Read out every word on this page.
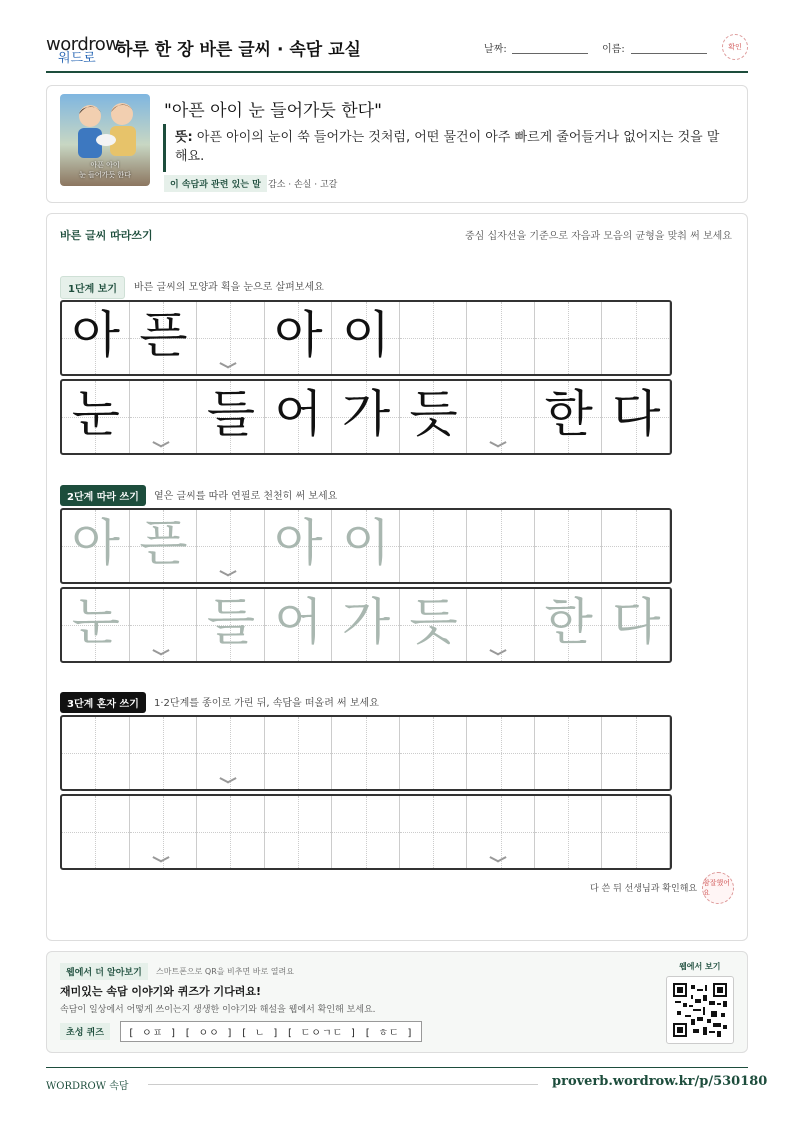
wordrow

워드로 하루 한 장 바른 글씨 · 속담 교실	날짜:	이름:	확인
아픈 아이
눈 들어가듯 한다
"아픈 아이 눈 들어가듯 한다"
뜻: 아픈 아이의 눈이 쑥 들어가는 것처럼, 어떤 물건이 아주 빠르게 줄어들거나 없어지는 것을 말해요.
이 속담과 관련 있는 말 감소 · 손실 · 고갈
바른 글씨 따라쓰기	중심 십자선을 기준으로 자음과 모음의 균형을 맞춰 써 보세요
1단계 보기	바른 글씨의 모양과 획을 눈으로 살펴보세요
아 픈 아 이
눈 들 어 가 듯 한 다
2단계 따라 쓰기	옅은 글씨를 따라 연필로 천천히 써 보세요
아 픈 아 이
눈 들 어 가 듯 한 다
3단계 혼자 쓰기	1·2단계를 종이로 가린 뒤, 속담을 떠올려 써 보세요
다 쓴 뒤 선생님과 확인해요
참잘했어요
웹에서 더 알아보기	스마트폰으로 QR을 비추면 바로 열려요
재미있는 속담 이야기와 퀴즈가 기다려요!
속담이 일상에서 어떻게 쓰이는지 생생한 이야기와 해설을 웹에서 확인해 보세요.
초성 퀴즈	[ ㅇㅍ ] [ ㅇㅇ ] [ ㄴ ] [ ㄷㅇㄱㄷ ] [ ㅎㄷ ]
웹에서 보기
WORDROW 속담	proverb.wordrow.kr/p/530180
